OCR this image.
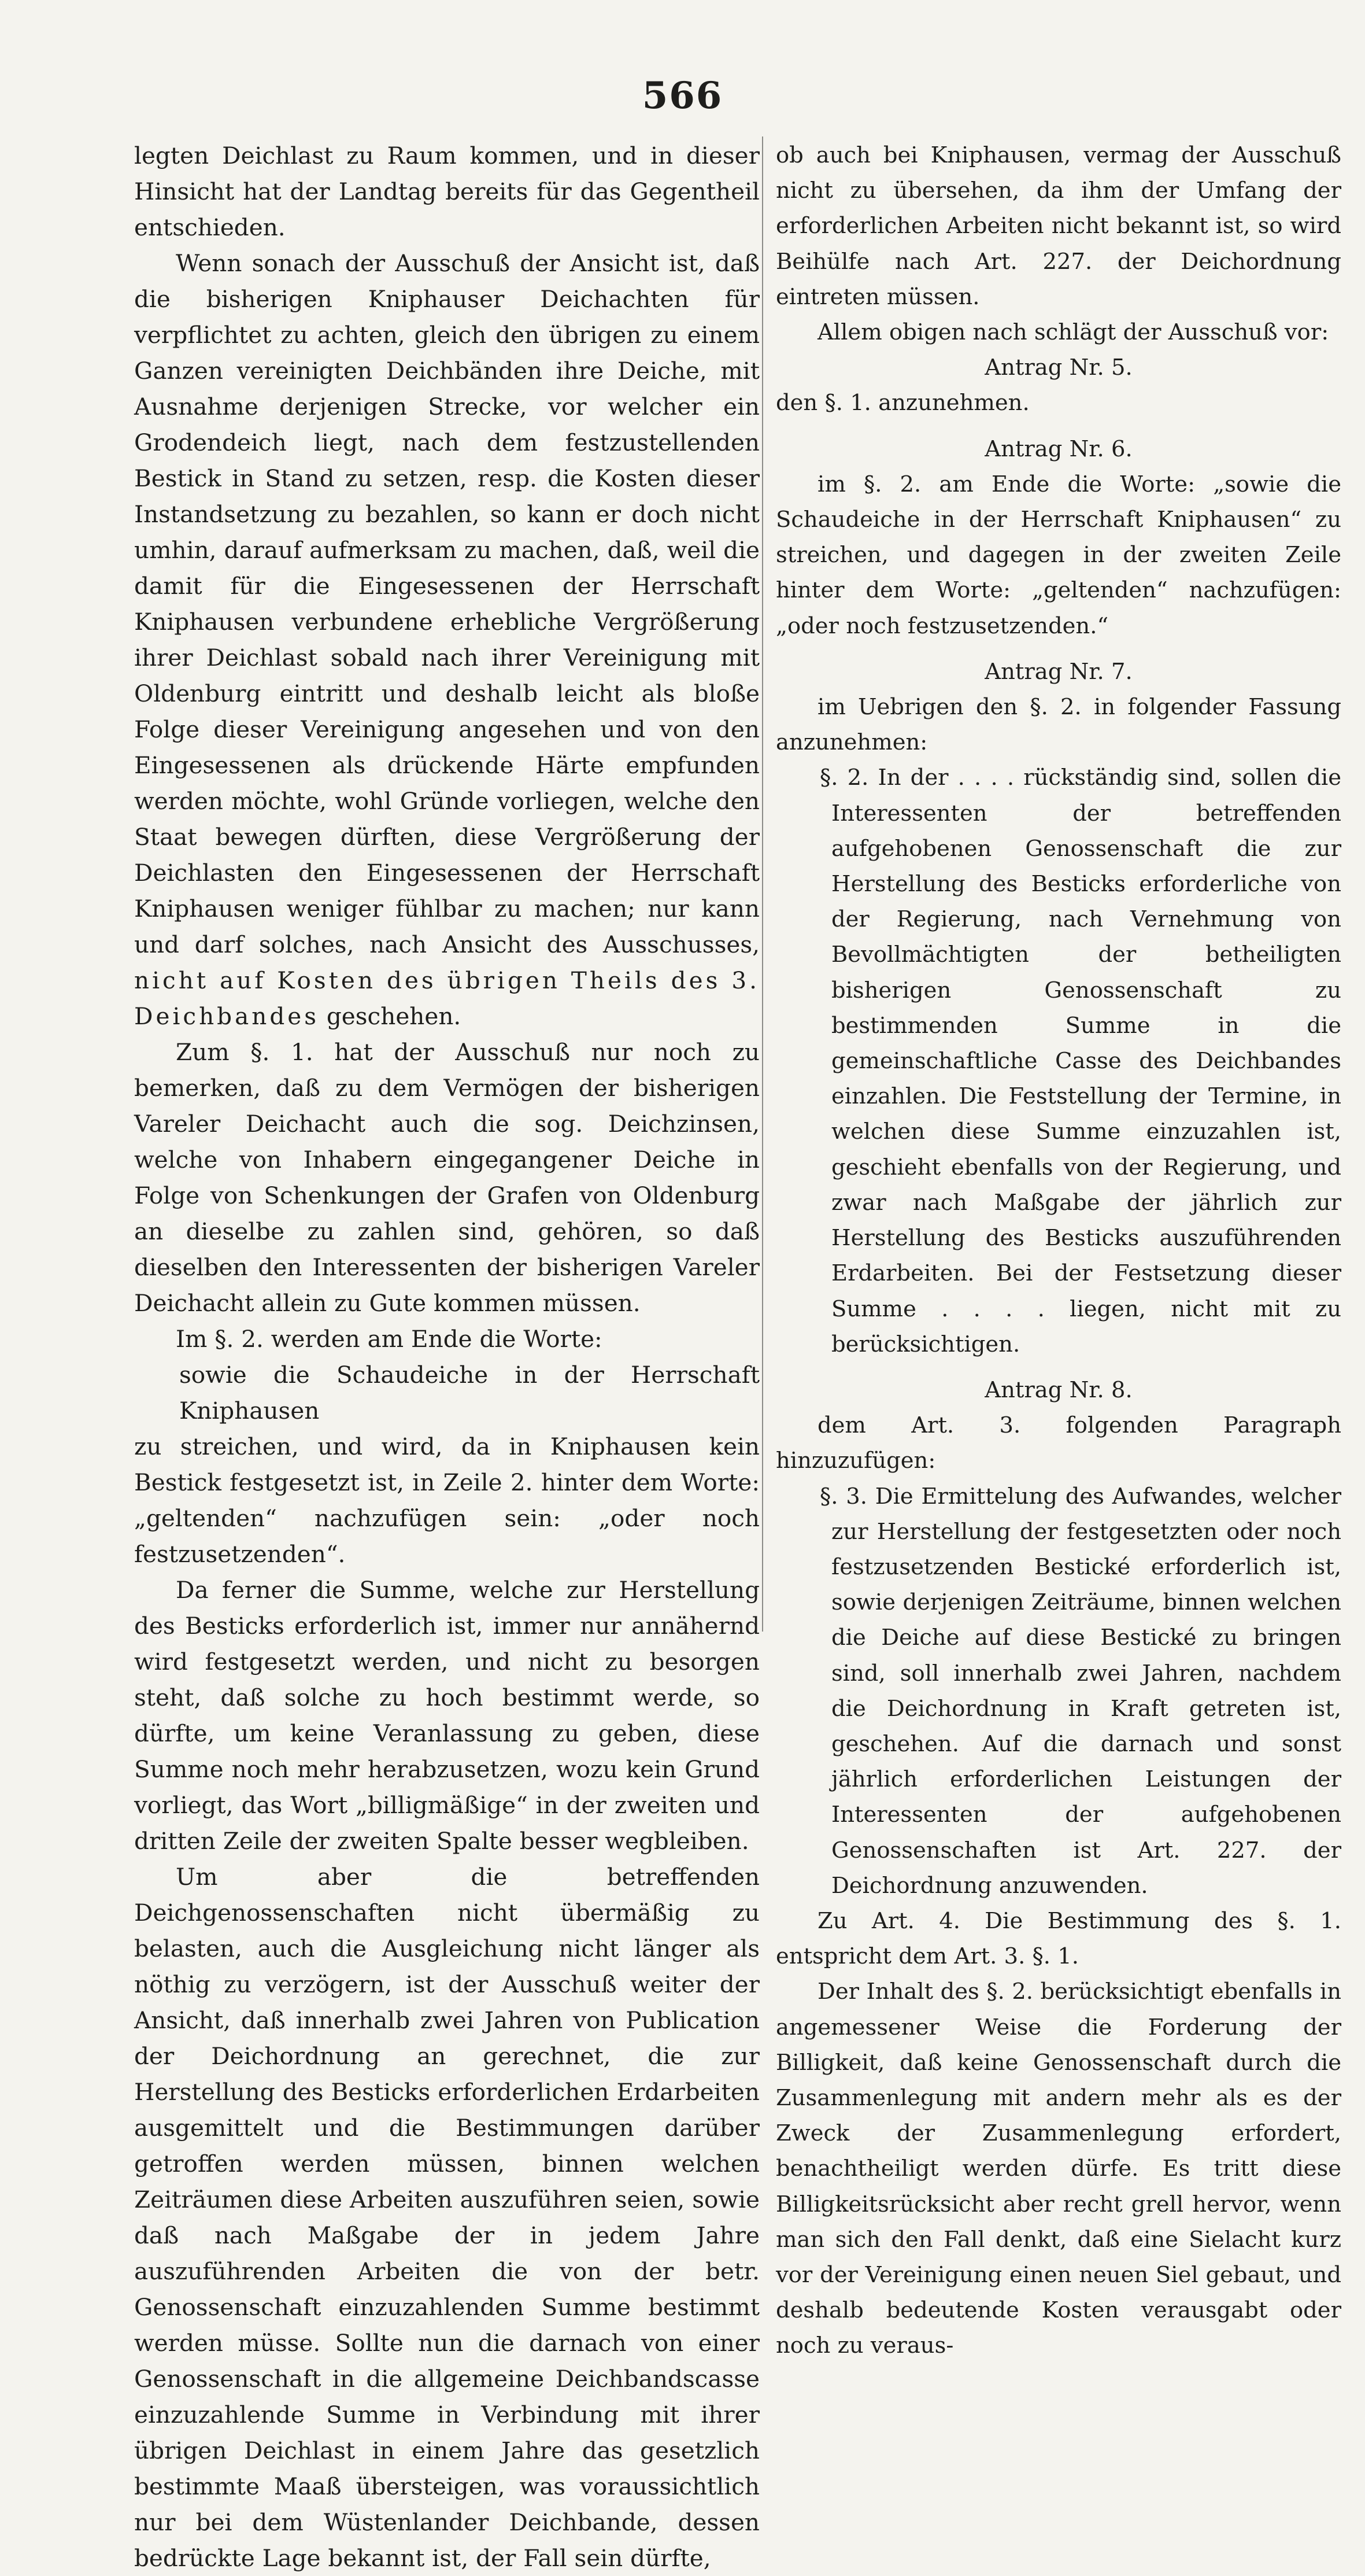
566

legten Deichlast zu Raum kommen, und in dieser Hinsicht hat der Landtag bereits für das Gegentheil entschieden.

Wenn sonach der Ausschuß der Ansicht ist, daß die bisherigen Kniphauser Deichachten für verpflichtet zu achten, gleich den übrigen zu einem Ganzen vereinigten Deichbänden ihre Deiche, mit Ausnahme derjenigen Strecke, vor welcher ein Grodendeich liegt, nach dem festzustellenden Bestick in Stand zu setzen, resp. die Kosten dieser Instandsetzung zu bezahlen, so kann er doch nicht umhin, darauf aufmerksam zu machen, daß, weil die damit für die Eingesessenen der Herrschaft Kniphausen verbundene erhebliche Vergrößerung ihrer Deichlast sobald nach ihrer Vereinigung mit Oldenburg eintritt und deshalb leicht als bloße Folge dieser Vereinigung angesehen und von den Eingesessenen als drückende Härte empfunden werden möchte, wohl Gründe vorliegen, welche den Staat bewegen dürften, diese Vergrößerung der Deichlasten den Eingesessenen der Herrschaft Kniphausen weniger fühlbar zu machen; nur kann und darf solches, nach Ansicht des Ausschusses, nicht auf Kosten des übrigen Theils des 3. Deichbandes geschehen.

Zum §. 1. hat der Ausschuß nur noch zu bemerken, daß zu dem Vermögen der bisherigen Vareler Deichacht auch die sog. Deichzinsen, welche von Inhabern eingegangener Deiche in Folge von Schenkungen der Grafen von Oldenburg an dieselbe zu zahlen sind, gehören, so daß dieselben den Interessenten der bisherigen Vareler Deichacht allein zu Gute kommen müssen.

Im §. 2. werden am Ende die Worte:

sowie die Schaudeiche in der Herrschaft Kniphausen

zu streichen, und wird, da in Kniphausen kein Bestick festgesetzt ist, in Zeile 2. hinter dem Worte: „geltenden“ nachzufügen sein: „oder noch festzusetzenden“.

Da ferner die Summe, welche zur Herstellung des Besticks erforderlich ist, immer nur annähernd wird festgesetzt werden, und nicht zu besorgen steht, daß solche zu hoch bestimmt werde, so dürfte, um keine Veranlassung zu geben, diese Summe noch mehr herabzusetzen, wozu kein Grund vorliegt, das Wort „billigmäßige“ in der zweiten und dritten Zeile der zweiten Spalte besser wegbleiben.

Um aber die betreffenden Deichgenossenschaften nicht übermäßig zu belasten, auch die Ausgleichung nicht länger als nöthig zu verzögern, ist der Ausschuß weiter der Ansicht, daß innerhalb zwei Jahren von Publication der Deichordnung an gerechnet, die zur Herstellung des Besticks erforderlichen Erdarbeiten ausgemittelt und die Bestimmungen darüber getroffen werden müssen, binnen welchen Zeiträumen diese Arbeiten auszuführen seien, sowie daß nach Maßgabe der in jedem Jahre auszuführenden Arbeiten die von der betr. Genossenschaft einzuzahlenden Summe bestimmt werden müsse. Sollte nun die darnach von einer Genossenschaft in die allgemeine Deichbandscasse einzuzahlende Summe in Verbindung mit ihrer übrigen Deichlast in einem Jahre das gesetzlich bestimmte Maaß übersteigen, was voraussichtlich nur bei dem Wüstenlander Deichbande, dessen bedrückte Lage bekannt ist, der Fall sein dürfte,

ob auch bei Kniphausen, vermag der Ausschuß nicht zu übersehen, da ihm der Umfang der erforderlichen Arbeiten nicht bekannt ist, so wird Beihülfe nach Art. 227. der Deichordnung eintreten müssen.

Allem obigen nach schlägt der Ausschuß vor:

Antrag Nr. 5.

den §. 1. anzunehmen.

Antrag Nr. 6.

im §. 2. am Ende die Worte: „sowie die Schaudeiche in der Herrschaft Kniphausen“ zu streichen, und dagegen in der zweiten Zeile hinter dem Worte: „geltenden“ nachzufügen: „oder noch festzusetzenden.“

Antrag Nr. 7.

im Uebrigen den §. 2. in folgender Fassung anzunehmen:

§. 2. In der . . . . rückständig sind, sollen die Interessenten der betreffenden aufgehobenen Genossenschaft die zur Herstellung des Besticks erforderliche von der Regierung, nach Vernehmung von Bevollmächtigten der betheiligten bisherigen Genossenschaft zu bestimmenden Summe in die gemeinschaftliche Casse des Deichbandes einzahlen. Die Feststellung der Termine, in welchen diese Summe einzuzahlen ist, geschieht ebenfalls von der Regierung, und zwar nach Maßgabe der jährlich zur Herstellung des Besticks auszuführenden Erdarbeiten. Bei der Festsetzung dieser Summe . . . . liegen, nicht mit zu berücksichtigen.

Antrag Nr. 8.

dem Art. 3. folgenden Paragraph hinzuzufügen:

§. 3. Die Ermittelung des Aufwandes, welcher zur Herstellung der festgesetzten oder noch festzusetzenden Bestické erforderlich ist, sowie derjenigen Zeiträume, binnen welchen die Deiche auf diese Bestické zu bringen sind, soll innerhalb zwei Jahren, nachdem die Deichordnung in Kraft getreten ist, geschehen. Auf die darnach und sonst jährlich erforderlichen Leistungen der Interessenten der aufgehobenen Genossenschaften ist Art. 227. der Deichordnung anzuwenden.

Zu Art. 4. Die Bestimmung des §. 1. entspricht dem Art. 3. §. 1.

Der Inhalt des §. 2. berücksichtigt ebenfalls in angemessener Weise die Forderung der Billigkeit, daß keine Genossenschaft durch die Zusammenlegung mit andern mehr als es der Zweck der Zusammenlegung erfordert, benachtheiligt werden dürfe. Es tritt diese Billigkeitsrücksicht aber recht grell hervor, wenn man sich den Fall denkt, daß eine Sielacht kurz vor der Vereinigung einen neuen Siel gebaut, und deshalb bedeutende Kosten verausgabt oder noch zu veraus-
